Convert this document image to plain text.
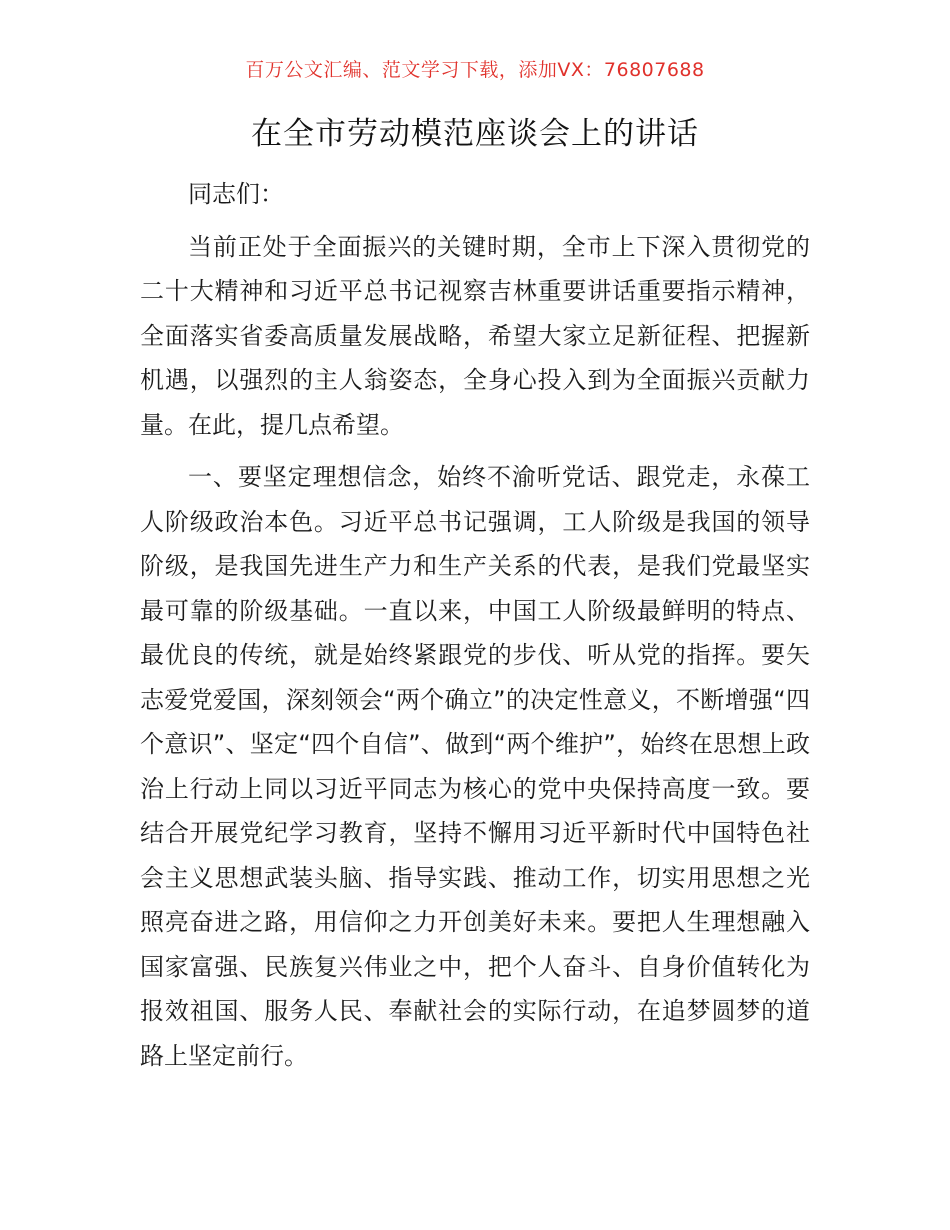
百万公文汇编、范文学习下载，添加VX：76807688
在全市劳动模范座谈会上的讲话

同志们：

当前正处于全面振兴的关键时期，全市上下深入贯彻党的二十大精神和习近平总书记视察吉林重要讲话重要指示精神，全面落实省委高质量发展战略，希望大家立足新征程、把握新机遇，以强烈的主人翁姿态，全身心投入到为全面振兴贡献力量。在此，提几点希望。

一、要坚定理想信念，始终不渝听党话、跟党走，永葆工人阶级政治本色。习近平总书记强调，工人阶级是我国的领导阶级，是我国先进生产力和生产关系的代表，是我们党最坚实最可靠的阶级基础。一直以来，中国工人阶级最鲜明的特点、最优良的传统，就是始终紧跟党的步伐、听从党的指挥。要矢志爱党爱国，深刻领会“两个确立”的决定性意义，不断增强“四个意识”、坚定“四个自信”、做到“两个维护”，始终在思想上政治上行动上同以习近平同志为核心的党中央保持高度一致。要结合开展党纪学习教育，坚持不懈用习近平新时代中国特色社会主义思想武装头脑、指导实践、推动工作，切实用思想之光照亮奋进之路，用信仰之力开创美好未来。要把人生理想融入国家富强、民族复兴伟业之中，把个人奋斗、自身价值转化为报效祖国、服务人民、奉献社会的实际行动，在追梦圆梦的道路上坚定前行。
